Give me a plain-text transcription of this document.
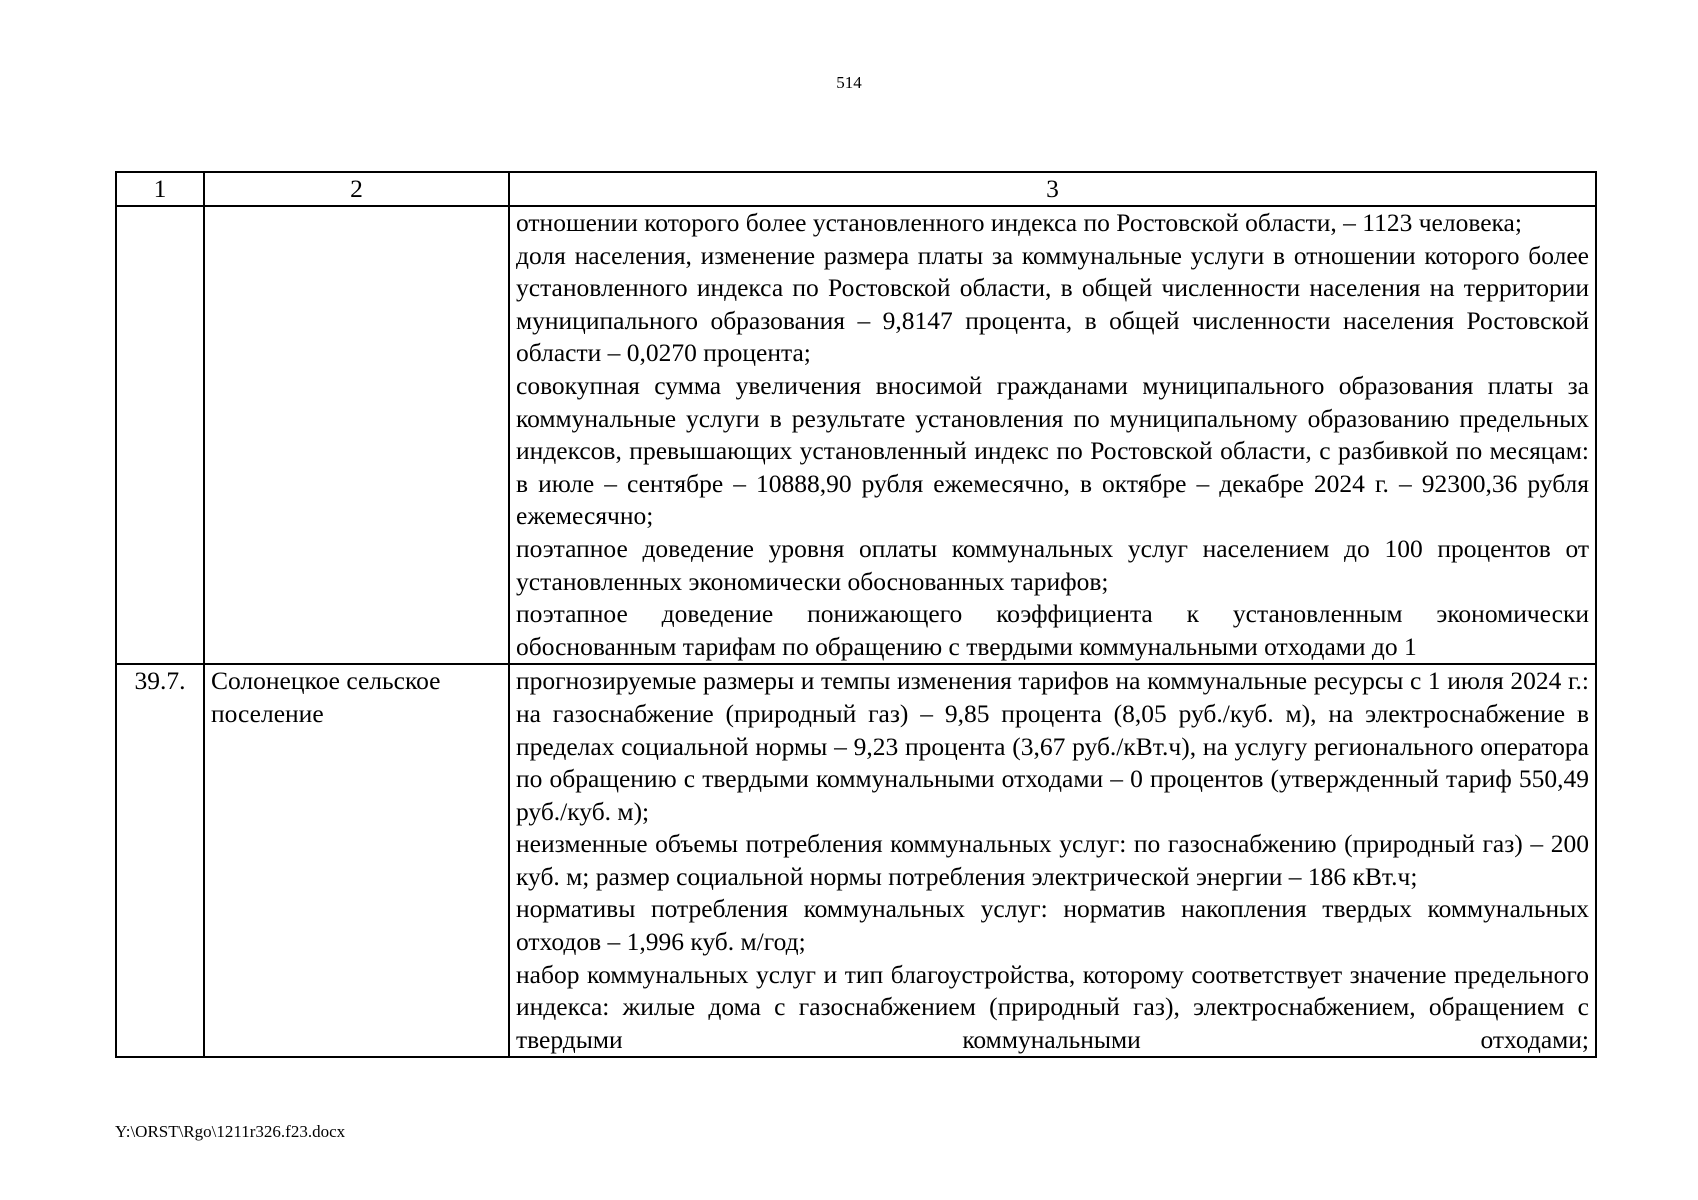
514
1	2	3

		отношении которого более установленного индекса по Ростовской области, – 1123 человека;

доля населения, изменение размера платы за коммунальные услуги в отношении которого более установленного индекса по Ростовской области, в общей численности населения на территории муниципального образования – 9,8147 процента, в общей численности населения Ростовской области – 0,0270 процента;

совокупная сумма увеличения вносимой гражданами муниципального образования платы за коммунальные услуги в результате установления по муниципальному образованию предельных индексов, превышающих установленный индекс по Ростовской области, с разбивкой по месяцам: в июле – сентябре – 10888,90 рубля ежемесячно, в октябре – декабре 2024 г. – 92300,36 рубля ежемесячно;

поэтапное доведение уровня оплаты коммунальных услуг населением до 100 процентов от установленных экономически обоснованных тарифов;

поэтапное доведение понижающего коэффициента к установленным экономически обоснованным тарифам по обращению с твердыми коммунальными отходами до 1

39.7.	Солонецкое сельское поселение	прогнозируемые размеры и темпы изменения тарифов на коммунальные ресурсы с 1 июля 2024 г.: на газоснабжение (природный газ) – 9,85 процента (8,05 руб./куб. м), на электроснабжение в пределах социальной нормы – 9,23 процента (3,67 руб./кВт.ч), на услугу регионального оператора по обращению с твердыми коммунальными отходами – 0 процентов (утвержденный тариф 550,49 руб./куб. м);

неизменные объемы потребления коммунальных услуг: по газоснабжению (природный газ) – 200 куб. м; размер социальной нормы потребления электрической энергии – 186 кВт.ч;

нормативы потребления коммунальных услуг: норматив накопления твердых коммунальных отходов – 1,996 куб. м/год;

набор коммунальных услуг и тип благоустройства, которому соответствует значение предельного индекса: жилые дома с газоснабжением (природный газ), электроснабжением, обращением с твердыми коммунальными отходами;

Y:\ORST\Rgo\1211r326.f23.docx
